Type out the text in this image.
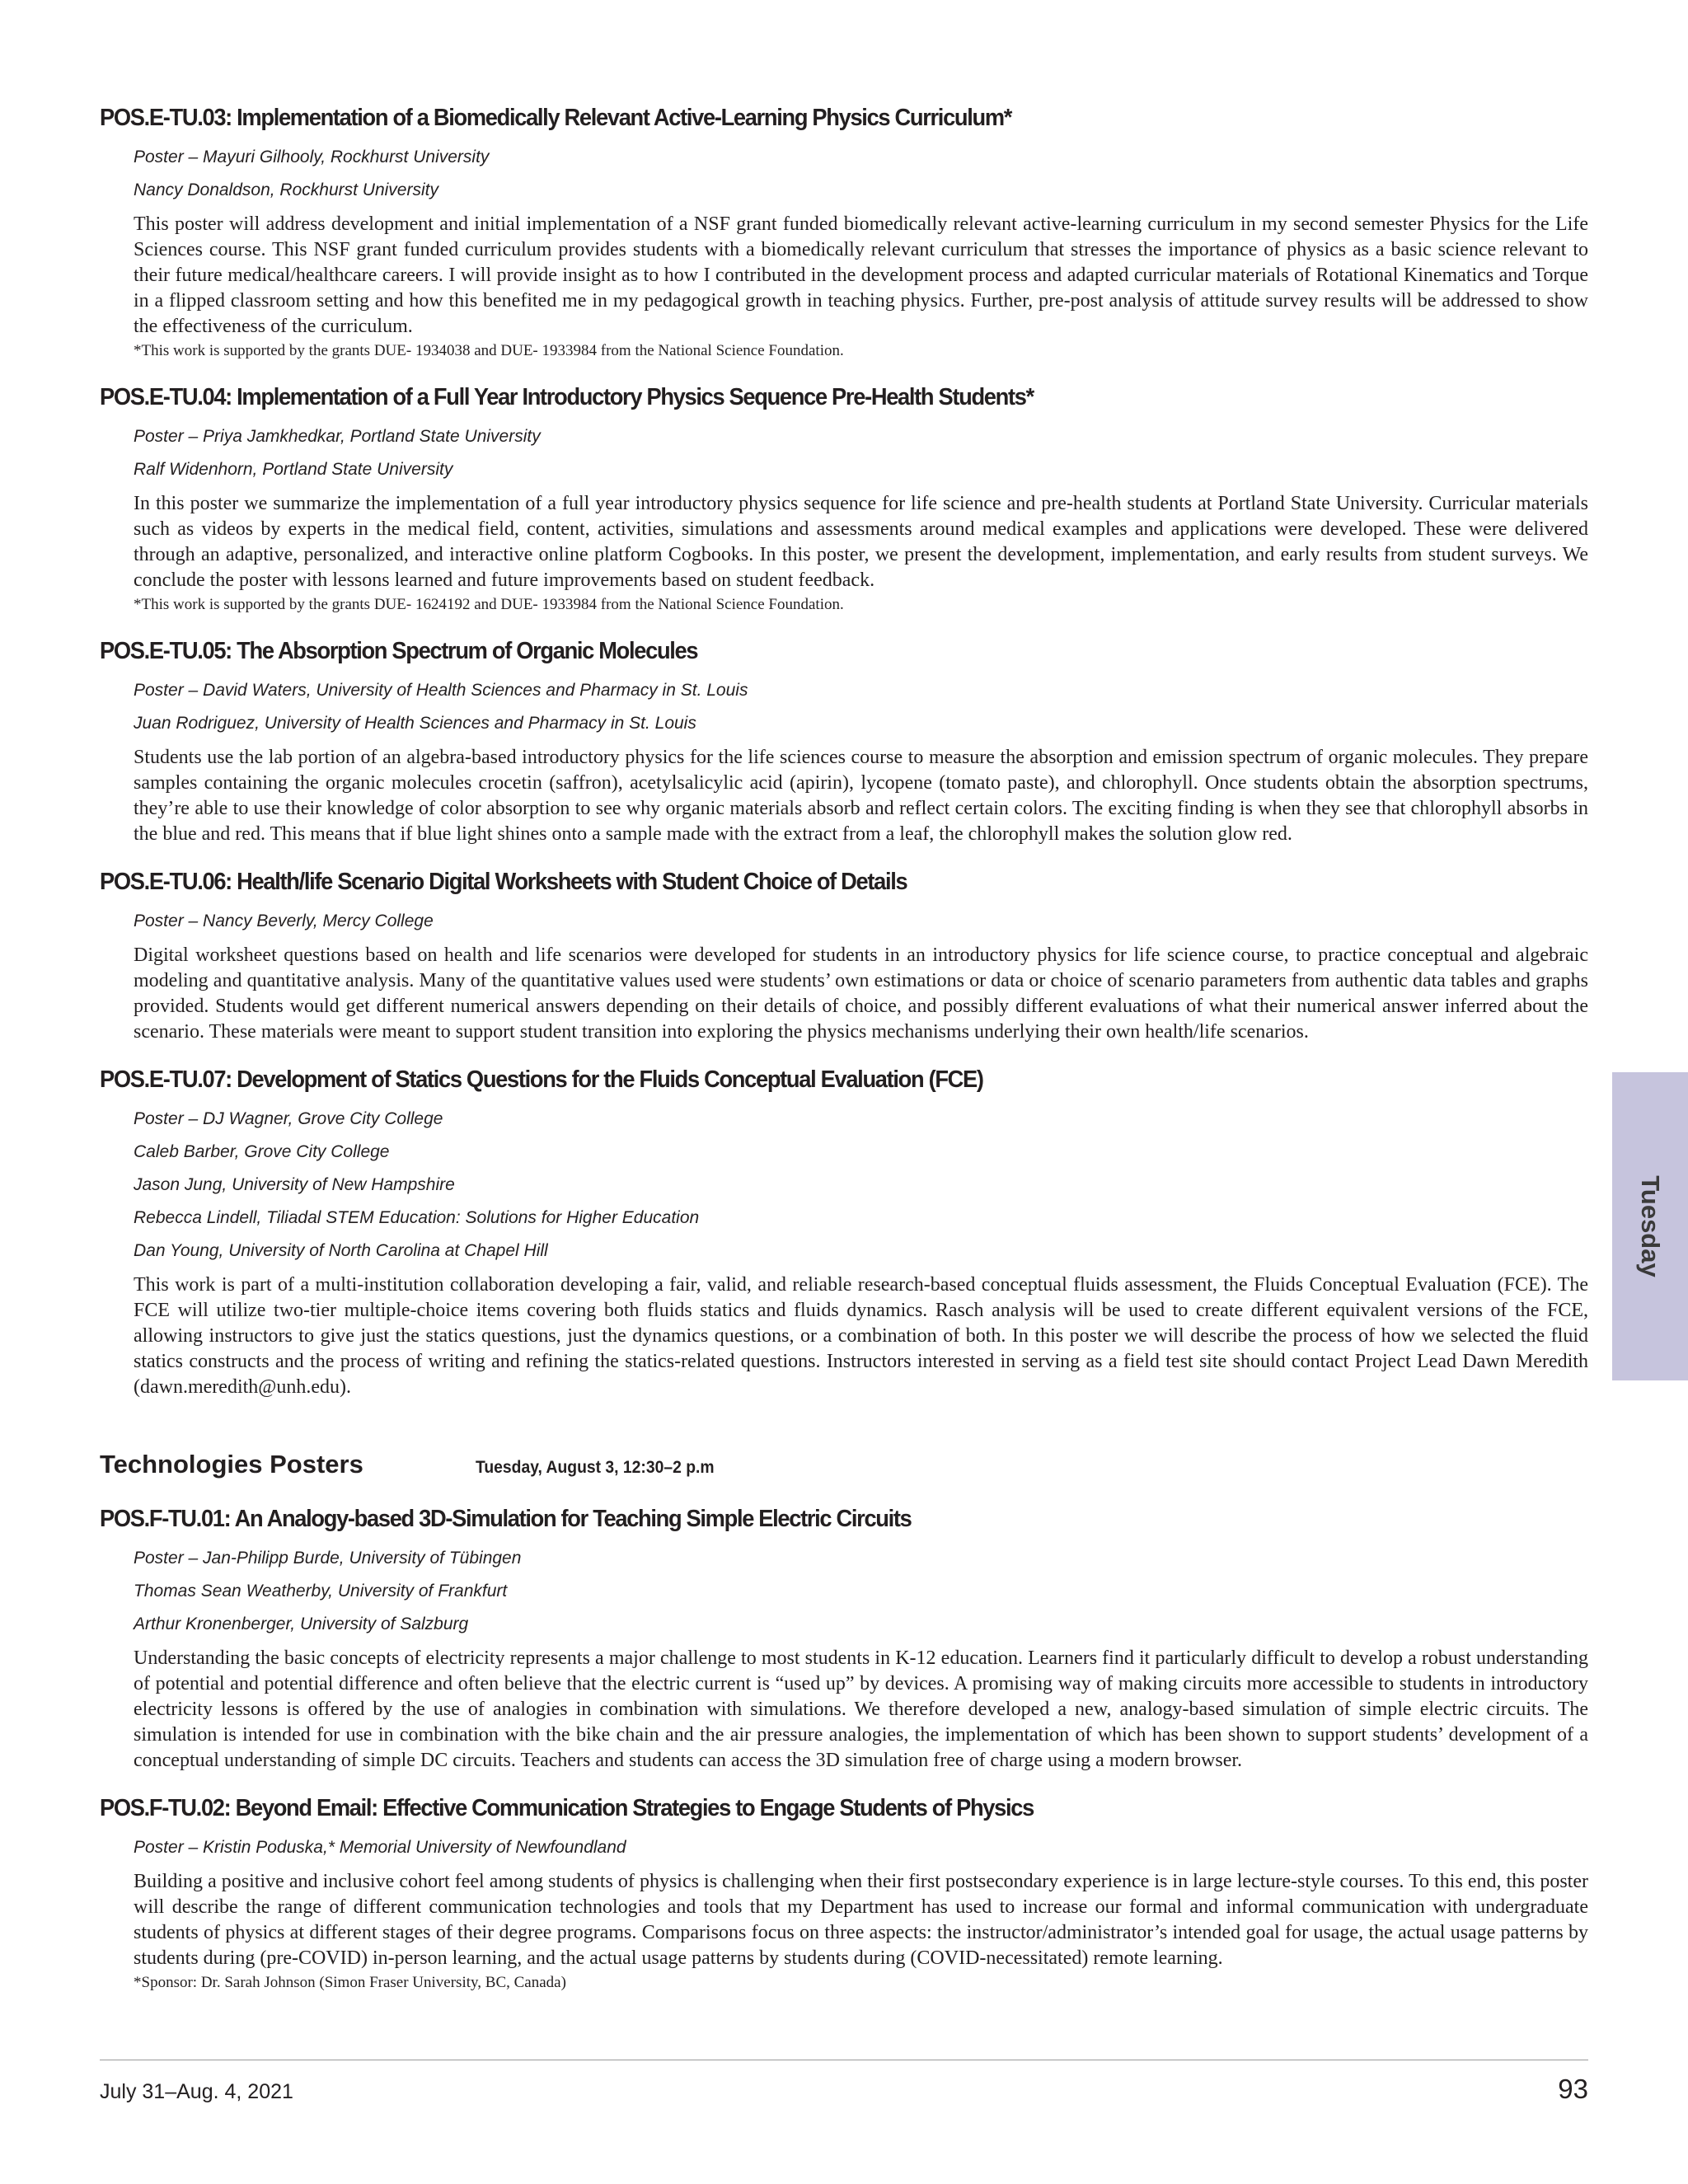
POS.E-TU.03: Implementation of a Biomedically Relevant Active-Learning Physics Curriculum*
Poster – Mayuri Gilhooly, Rockhurst University
Nancy Donaldson, Rockhurst University
This poster will address development and initial implementation of a NSF grant funded biomedically relevant active-learning curriculum in my second semester Physics for the Life Sciences course. This NSF grant funded curriculum provides students with a biomedically relevant curriculum that stresses the importance of physics as a basic science relevant to their future medical/healthcare careers. I will provide insight as to how I contributed in the development process and adapted curricular materials of Rotational Kinematics and Torque in a flipped classroom setting and how this benefited me in my pedagogical growth in teaching physics. Further, pre-post analysis of attitude survey results will be addressed to show the effectiveness of the curriculum.
*This work is supported by the grants DUE- 1934038 and DUE- 1933984 from the National Science Foundation.
POS.E-TU.04: Implementation of a Full Year Introductory Physics Sequence Pre-Health Students*
Poster – Priya Jamkhedkar, Portland State University
Ralf Widenhorn, Portland State University
In this poster we summarize the implementation of a full year introductory physics sequence for life science and pre-health students at Portland State University. Curricular materials such as videos by experts in the medical field, content, activities, simulations and assessments around medical examples and applications were developed. These were delivered through an adaptive, personalized, and interactive online platform Cogbooks. In this poster, we present the development, implementation, and early results from student surveys. We conclude the poster with lessons learned and future improvements based on student feedback.
*This work is supported by the grants DUE- 1624192 and DUE- 1933984 from the National Science Foundation.
POS.E-TU.05: The Absorption Spectrum of Organic Molecules
Poster – David Waters, University of Health Sciences and Pharmacy in St. Louis
Juan Rodriguez, University of Health Sciences and Pharmacy in St. Louis
Students use the lab portion of an algebra-based introductory physics for the life sciences course to measure the absorption and emission spectrum of organic molecules. They prepare samples containing the organic molecules crocetin (saffron), acetylsalicylic acid (apirin), lycopene (tomato paste), and chlorophyll. Once students obtain the absorption spectrums, they’re able to use their knowledge of color absorption to see why organic materials absorb and reflect certain colors. The exciting finding is when they see that chlorophyll absorbs in the blue and red. This means that if blue light shines onto a sample made with the extract from a leaf, the chlorophyll makes the solution glow red.
POS.E-TU.06: Health/life Scenario Digital Worksheets with Student Choice of Details
Poster – Nancy Beverly, Mercy College
Digital worksheet questions based on health and life scenarios were developed for students in an introductory physics for life science course, to practice conceptual and algebraic modeling and quantitative analysis. Many of the quantitative values used were students’ own estimations or data or choice of scenario parameters from authentic data tables and graphs provided. Students would get different numerical answers depending on their details of choice, and possibly different evaluations of what their numerical answer inferred about the scenario. These materials were meant to support student transition into exploring the physics mechanisms underlying their own health/life scenarios.
POS.E-TU.07: Development of Statics Questions for the Fluids Conceptual Evaluation (FCE)
Poster – DJ Wagner, Grove City College
Caleb Barber, Grove City College
Jason Jung, University of New Hampshire
Rebecca Lindell, Tiliadal STEM Education: Solutions for Higher Education
Dan Young, University of North Carolina at Chapel Hill
This work is part of a multi-institution collaboration developing a fair, valid, and reliable research-based conceptual fluids assessment, the Fluids Conceptual Evaluation (FCE). The FCE will utilize two-tier multiple-choice items covering both fluids statics and fluids dynamics. Rasch analysis will be used to create different equivalent versions of the FCE, allowing instructors to give just the statics questions, just the dynamics questions, or a combination of both. In this poster we will describe the process of how we selected the fluid statics constructs and the process of writing and refining the statics-related questions. Instructors interested in serving as a field test site should contact Project Lead Dawn Meredith (dawn.meredith@unh.edu).
Technologies Posters	Tuesday, August 3, 12:30–2 p.m
POS.F-TU.01: An Analogy-based 3D-Simulation for Teaching Simple Electric Circuits
Poster – Jan-Philipp Burde, University of Tübingen
Thomas Sean Weatherby, University of Frankfurt
Arthur Kronenberger, University of Salzburg
Understanding the basic concepts of electricity represents a major challenge to most students in K-12 education. Learners find it particularly difficult to develop a robust understanding of potential and potential difference and often believe that the electric current is “used up” by devices. A promising way of making circuits more accessible to students in introductory electricity lessons is offered by the use of analogies in combination with simulations. We therefore developed a new, analogy-based simulation of simple electric circuits. The simulation is intended for use in combination with the bike chain and the air pressure analogies, the implementation of which has been shown to support students’ development of a conceptual understanding of simple DC circuits. Teachers and students can access the 3D simulation free of charge using a modern browser.
POS.F-TU.02: Beyond Email: Effective Communication Strategies to Engage Students of Physics
Poster – Kristin Poduska,* Memorial University of Newfoundland
Building a positive and inclusive cohort feel among students of physics is challenging when their first postsecondary experience is in large lecture-style courses. To this end, this poster will describe the range of different communication technologies and tools that my Department has used to increase our formal and informal communication with undergraduate students of physics at different stages of their degree programs. Comparisons focus on three aspects: the instructor/administrator’s intended goal for usage, the actual usage patterns by students during (pre-COVID) in-person learning, and the actual usage patterns by students during (COVID-necessitated) remote learning.
*Sponsor: Dr. Sarah Johnson (Simon Fraser University, BC, Canada)
Tuesday
July 31–Aug. 4, 2021	93
